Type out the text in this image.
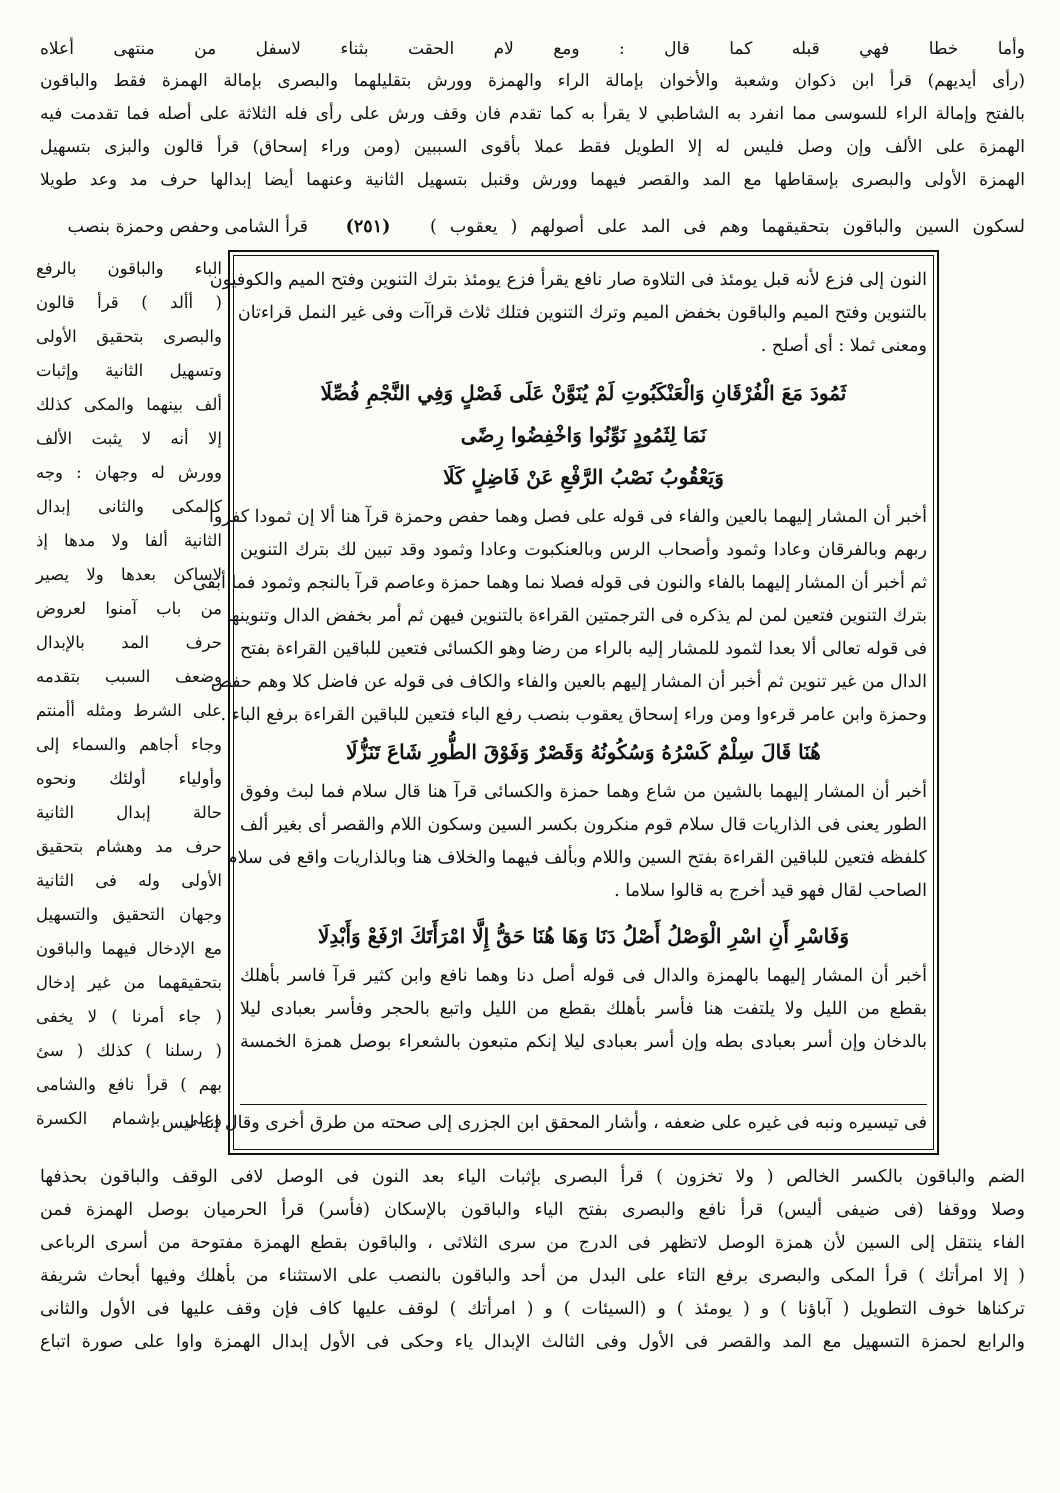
وأما خطا فهي قبله كما قال : ومع لام الحقت بثناء لاسفل من منتهى أعلاه
(رأى أيديهم) قرأ ابن ذكوان وشعبة والأخوان بإمالة الراء والهمزة وورش بتقليلهما والبصرى بإمالة الهمزة فقط والباقون
بالفتح وإمالة الراء للسوسى مما انفرد به الشاطبي لا يقرأ به كما تقدم فان وقف ورش على رأى فله الثلاثة على أصله فما تقدمت فيه
الهمزة على الألف وإن وصل فليس له إلا الطويل فقط عملا بأقوى السببين (ومن وراء إسحاق) قرأ قالون والبزى بتسهيل
الهمزة الأولى والبصرى بإسقاطها مع المد والقصر فيهما وورش وقنبل بتسهيل الثانية وعنهما أيضا إبدالها حرف مد وعد طويلا
قرأ الشامى وحفص وحمزة بنصب	(٢٥١)	لسكون السين والباقون بتحقيقهما وهم فى المد على أصولهم ( يعقوب )
النون إلى فزع لأنه قبل يومئذ فى التلاوة صار نافع يقرأ فزع يومئذ بترك التنوين وفتح الميم والكوفيون
بالتنوين وفتح الميم والباقون بخفض الميم وترك التنوين فتلك ثلاث قراآت وفى غير النمل قراءتان
ومعنى ثملا : أى أصلح .
ثَمُودَ مَعَ الْفُرْقَانِ وَالْعَنْكَبُوتِ لَمْ يُنَوَّنْ عَلَى فَصْلٍ وَفِي النَّجْمِ فُصِّلَا
نَمَا لِثَمُودٍ نَوِّنُوا وَاخْفِضُوا رِضًى
وَيَعْقُوبُ نَصْبُ الرَّفْعِ عَنْ فَاضِلٍ كَلَا
أخبر أن المشار إليهما بالعين والفاء فى قوله على فصل وهما حفص وحمزة قرآ هنا ألا إن ثمودا كفروا
ربهم وبالفرقان وعادا وثمود وأصحاب الرس وبالعنكبوت وعادا وثمود وقد تبين لك بترك التنوين
ثم أخبر أن المشار إليهما بالفاء والنون فى قوله فصلا نما وهما حمزة وعاصم قرآ بالنجم وثمود فما أبقى
بترك التنوين فتعين لمن لم يذكره فى الترجمتين القراءة بالتنوين فيهن ثم أمر بخفض الدال وتنوينها
فى قوله تعالى ألا بعدا لثمود للمشار إليه بالراء من رضا وهو الكسائى فتعين للباقين القراءة بفتح
الدال من غير تنوين ثم أخبر أن المشار إليهم بالعين والفاء والكاف فى قوله عن فاضل كلا وهم حفص
وحمزة وابن عامر قرءوا ومن وراء إسحاق يعقوب بنصب رفع الباء فتعين للباقين القراءة برفع الباء .
هُنَا قَالَ سِلْمٌ كَسْرُهُ وَسُكُونُهُ وَقَصْرٌ وَفَوْقَ الطُّورِ شَاعَ تَنَزُّلَا
أخبر أن المشار إليهما بالشين من شاع وهما حمزة والكسائى قرآ هنا قال سلام فما لبث وفوق
الطور يعنى فى الذاريات قال سلام قوم منكرون بكسر السين وسكون اللام والقصر أى بغير ألف
كلفظه فتعين للباقين القراءة بفتح السين واللام وبألف فيهما والخلاف هنا وبالذاريات واقع فى سلام
الصاحب لقال فهو قيد أخرج به قالوا سلاما .
وَفَاسْرِ أَنِ اسْرِ الْوَصْلُ أَصْلُ دَنَا وَهَا هُنَا حَقُّ إِلَّا امْرَأَتَكَ ارْفَعْ وَأَبْدِلَا
أخبر أن المشار إليهما بالهمزة والدال فى قوله أصل دنا وهما نافع وابن كثير قرآ فاسر بأهلك
بقطع من الليل ولا يلتفت هنا فأسر بأهلك بقطع من الليل واتبع بالحجر وفأسر بعبادى ليلا
بالدخان وإن أسر بعبادى بطه وإن أسر بعبادى ليلا إنكم متبعون بالشعراء بوصل همزة الخمسة
فى تيسيره ونبه فى غيره على ضعفه ، وأشار المحقق ابن الجزرى إلى صحته من طرق أخرى وقال إنه ليس
الباء والباقون بالرفع
( أألد ) قرأ قالون
والبصرى بتحقيق الأولى
وتسهيل الثانية وإثبات
ألف بينهما والمكى كذلك
إلا أنه لا يثبت الألف
وورش له وجهان : وجه
كالمكى والثانى إبدال
الثانية ألفا ولا مدها إذ
لاساكن بعدها ولا يصير
من باب آمنوا لعروض
حرف المد بالإبدال
وضعف السبب بتقدمه
على الشرط ومثله أأمنتم
وجاء أجاهم والسماء إلى
وأولياء أولئك ونحوه
حالة إبدال الثانية
حرف مد وهشام بتحقيق
الأولى وله فى الثانية
وجهان التحقيق والتسهيل
مع الإدخال فيهما والباقون
بتحقيقهما من غير إدخال
( جاء أمرنا ) لا يخفى
( رسلنا ) كذلك ( سئ
بهم ) قرأ نافع والشامى
وعلى بإشمام الكسرة
الضم والباقون بالكسر الخالص ( ولا تخزون ) قرأ البصرى بإثبات الياء بعد النون فى الوصل لافى الوقف والباقون بحذفها
وصلا ووقفا (فى ضيفى أليس) قرأ نافع والبصرى بفتح الياء والباقون بالإسكان (فأسر) قرأ الحرميان بوصل الهمزة فمن
الفاء ينتقل إلى السين لأن همزة الوصل لاتظهر فى الدرج من سرى الثلاثى ، والباقون بقطع الهمزة مفتوحة من أسرى الرباعى
( إلا امرأتك ) قرأ المكى والبصرى برفع التاء على البدل من أحد والباقون بالنصب على الاستثناء من بأهلك وفيها أبحاث شريفة
تركناها خوف التطويل ( آباؤنا ) و ( يومئذ ) و (السيئات ) و ( امرأتك ) لوقف عليها كاف فإن وقف عليها فى الأول والثانى
والرابع لحمزة التسهيل مع المد والقصر فى الأول وفى الثالث الإبدال ياء وحكى فى الأول إبدال الهمزة واوا على صورة اتباع
